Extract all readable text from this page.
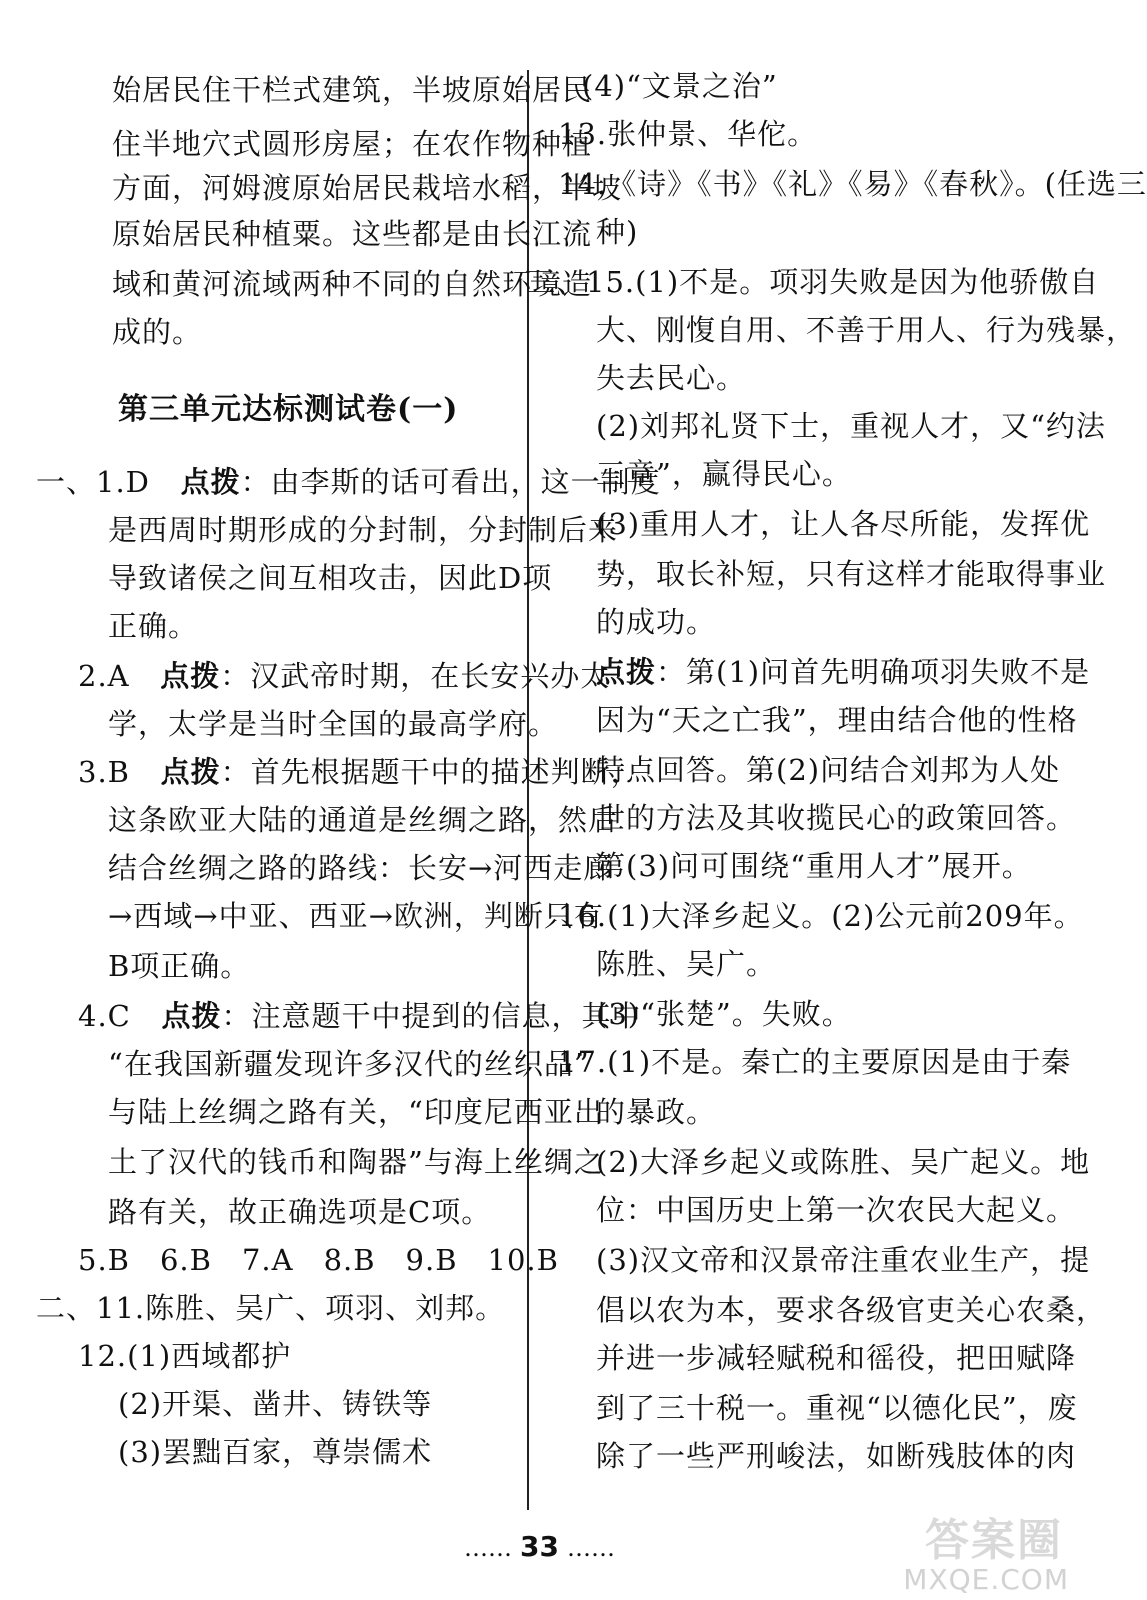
始居民住干栏式建筑，半坡原始居民
住半地穴式圆形房屋；在农作物种植
方面，河姆渡原始居民栽培水稻，半坡
原始居民种植粟。这些都是由长江流
域和黄河流域两种不同的自然环境造
成的。
第三单元达标测试卷(一)
一、1.D 点拨：由李斯的话可看出，这一制度
是西周时期形成的分封制，分封制后来
导致诸侯之间互相攻击，因此D项
正确。
2.A 点拨：汉武帝时期，在长安兴办太
学，太学是当时全国的最高学府。
3.B 点拨：首先根据题干中的描述判断，
这条欧亚大陆的通道是丝绸之路，然后
结合丝绸之路的路线：长安→河西走廊
→西域→中亚、西亚→欧洲，判断只有
B项正确。
4.C 点拨：注意题干中提到的信息，其中
“在我国新疆发现许多汉代的丝织品”
与陆上丝绸之路有关，“印度尼西亚出
土了汉代的钱币和陶器”与海上丝绸之
路有关，故正确选项是C项。
5.B　6.B　7.A　8.B　9.B　10.B
二、11.陈胜、吴广、项羽、刘邦。
12.(1)西域都护
(2)开渠、凿井、铸铁等
(3)罢黜百家，尊崇儒术
(4)“文景之治”
13.张仲景、华佗。
14.《诗》《书》《礼》《易》《春秋》。(任选三
种)
三、15.(1)不是。项羽失败是因为他骄傲自
大、刚愎自用、不善于用人、行为残暴，
失去民心。
(2)刘邦礼贤下士，重视人才，又“约法
三章”，赢得民心。
(3)重用人才，让人各尽所能，发挥优
势，取长补短，只有这样才能取得事业
的成功。
点拨：第(1)问首先明确项羽失败不是
因为“天之亡我”，理由结合他的性格
特点回答。第(2)问结合刘邦为人处
世的方法及其收揽民心的政策回答。
第(3)问可围绕“重用人才”展开。
16.(1)大泽乡起义。(2)公元前209年。
陈胜、吴广。
(3)“张楚”。失败。
17.(1)不是。秦亡的主要原因是由于秦
的暴政。
(2)大泽乡起义或陈胜、吴广起义。地
位：中国历史上第一次农民大起义。
(3)汉文帝和汉景帝注重农业生产，提
倡以农为本，要求各级官吏关心农桑，
并进一步减轻赋税和徭役，把田赋降
到了三十税一。重视“以德化民”，废
除了一些严刑峻法，如断残肢体的肉
…… 33 ……	答案圈
MXQE.COM
